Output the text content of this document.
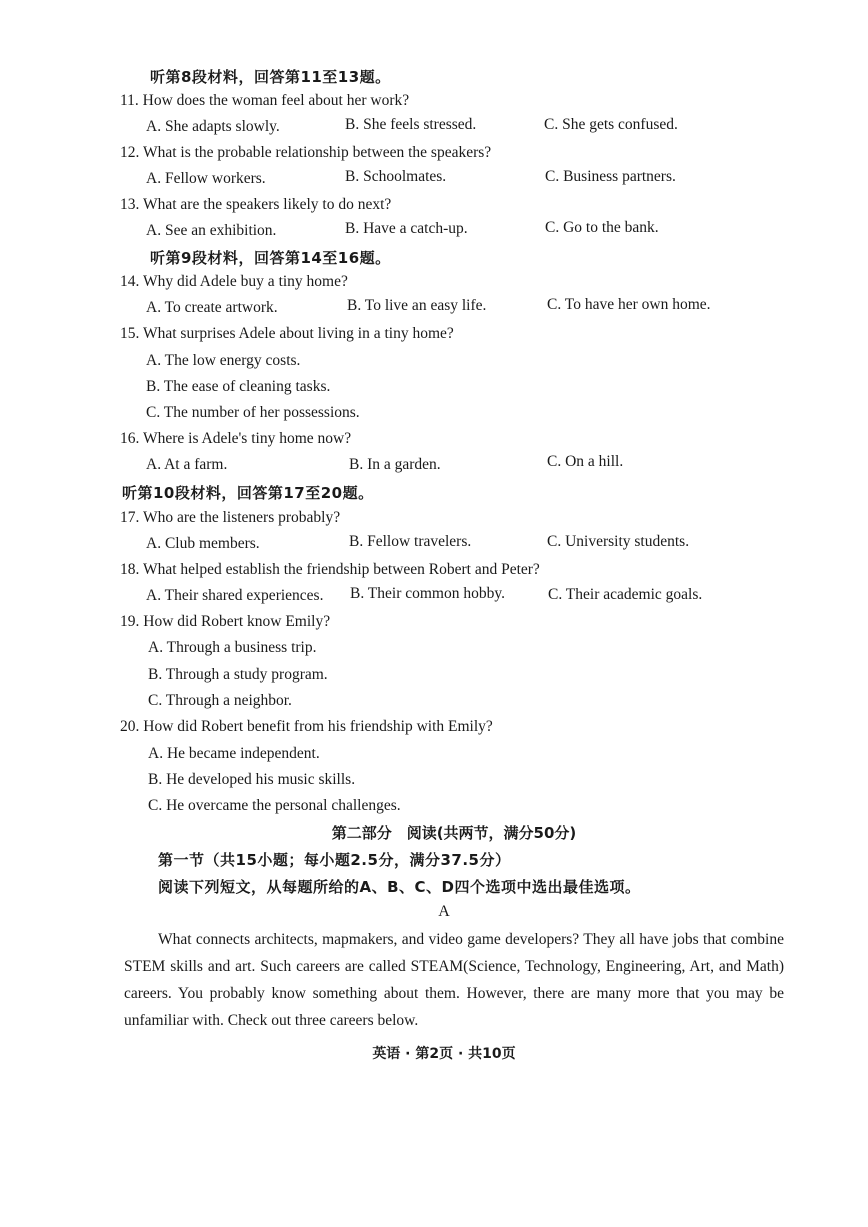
听第8段材料，回答第11至13题。
11. How does the woman feel about her work?
A. She adapts slowly.	B. She feels stressed.	C. She gets confused.
12. What is the probable relationship between the speakers?
A. Fellow workers.	B. Schoolmates.	C. Business partners.
13. What are the speakers likely to do next?
A. See an exhibition.	B. Have a catch-up.	C. Go to the bank.
听第9段材料，回答第14至16题。
14. Why did Adele buy a tiny home?
A. To create artwork.	B. To live an easy life.	C. To have her own home.
15. What surprises Adele about living in a tiny home?
A. The low energy costs.
B. The ease of cleaning tasks.
C. The number of her possessions.
16. Where is Adele's tiny home now?
A. At a farm.	B. In a garden.	C. On a hill.
听第10段材料，回答第17至20题。
17. Who are the listeners probably?
A. Club members.	B. Fellow travelers.	C. University students.
18. What helped establish the friendship between Robert and Peter?
A. Their shared experiences. B. Their common hobby.	C. Their academic goals.
19. How did Robert know Emily?
A. Through a business trip.
B. Through a study program.
C. Through a neighbor.
20. How did Robert benefit from his friendship with Emily?
A. He became independent.
B. He developed his music skills.
C. He overcame the personal challenges.
第二部分　阅读(共两节，满分50分)
第一节（共15小题；每小题2.5分，满分37.5分）
阅读下列短文，从每题所给的A、B、C、D四个选项中选出最佳选项。
A
What connects architects, mapmakers, and video game developers? They all have jobs that combine STEM skills and art. Such careers are called STEAM(Science, Technology, Engineering, Art, and Math) careers. You probably know something about them. However, there are many more that you may be unfamiliar with. Check out three careers below.
英语 · 第2页 · 共10页
